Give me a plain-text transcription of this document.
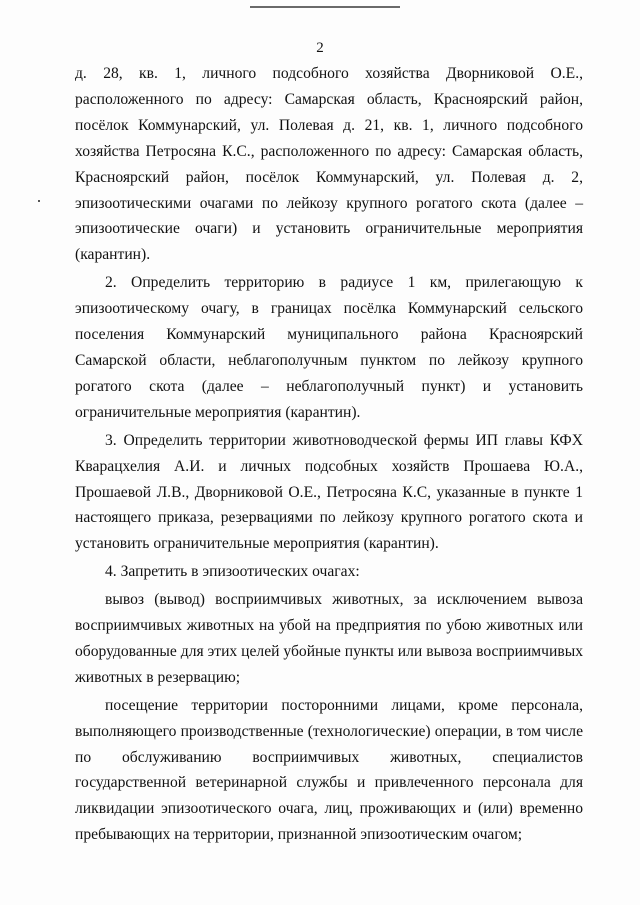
2

д. 28, кв. 1, личного подсобного хозяйства Дворниковой О.Е., расположенного по адресу: Самарская область, Красноярский район, посёлок Коммунарский, ул. Полевая д. 21, кв. 1, личного подсобного хозяйства Петросяна К.С., расположенного по адресу: Самарская область, Красноярский район, посёлок Коммунарский, ул. Полевая д. 2, эпизоотическими очагами по лейкозу крупного рогатого скота (далее – эпизоотические очаги) и установить ограничительные мероприятия (карантин).

2. Определить территорию в радиусе 1 км, прилегающую к эпизоотическому очагу, в границах посёлка Коммунарский сельского поселения Коммунарский муниципального района Красноярский Самарской области, неблагополучным пунктом по лейкозу крупного рогатого скота (далее – неблагополучный пункт) и установить ограничительные мероприятия (карантин).

3. Определить территории животноводческой фермы ИП главы КФХ Кварацхелия А.И. и личных подсобных хозяйств Прошаева Ю.А., Прошаевой Л.В., Дворниковой О.Е., Петросяна К.С, указанные в пункте 1 настоящего приказа, резервациями по лейкозу крупного рогатого скота и установить ограничительные мероприятия (карантин).

4. Запретить в эпизоотических очагах:

вывоз (вывод) восприимчивых животных, за исключением вывоза восприимчивых животных на убой на предприятия по убою животных или оборудованные для этих целей убойные пункты или вывоза восприимчивых животных в резервацию;

посещение территории посторонними лицами, кроме персонала, выполняющего производственные (технологические) операции, в том числе по обслуживанию восприимчивых животных, специалистов государственной ветеринарной службы и привлеченного персонала для ликвидации эпизоотического очага, лиц, проживающих и (или) временно пребывающих на территории, признанной эпизоотическим очагом;
